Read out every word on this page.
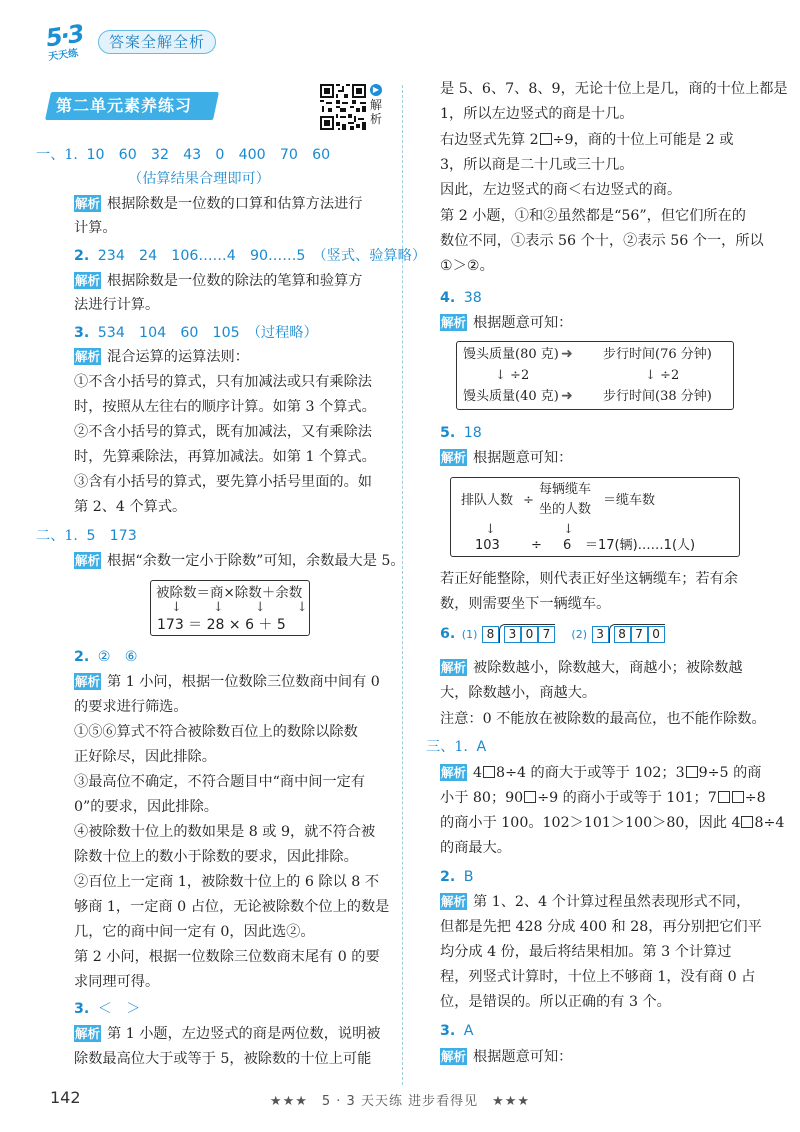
5·3
天天练
答案全解全析
第二单元素养练习
▶
解
析
一、1. 10　60　32　43　0　400　70　60
（估算结果合理即可）
解析 根据除数是一位数的口算和估算方法进行
计算。
2. 234　24　106……4　90……5　（竖式、验算略）
解析 根据除数是一位数的除法的笔算和验算方
法进行计算。
3. 534　104　60　105　（过程略）
解析 混合运算的运算法则：
①不含小括号的算式，只有加减法或只有乘除法
时，按照从左往右的顺序计算。如第 3 个算式。
②不含小括号的算式，既有加减法，又有乘除法
时，先算乘除法，再算加减法。如第 1 个算式。
③含有小括号的算式，要先算小括号里面的。如
第 2、4 个算式。
二、1. 5　173
解析 根据“余数一定小于除数”可知，余数最大是 5。
被除数＝商×除数＋余数
↓↓↓↓
173 ＝ 28 × 6 ＋ 5
2. ②　⑥
解析 第 1 小问，根据一位数除三位数商中间有 0
的要求进行筛选。
①⑤⑥算式不符合被除数百位上的数除以除数
正好除尽，因此排除。
③最高位不确定，不符合题目中“商中间一定有
0”的要求，因此排除。
④被除数十位上的数如果是 8 或 9，就不符合被
除数十位上的数小于除数的要求，因此排除。
②百位上一定商 1，被除数十位上的 6 除以 8 不
够商 1，一定商 0 占位，无论被除数个位上的数是
几，它的商中间一定有 0，因此选②。
第 2 小问，根据一位数除三位数商末尾有 0 的要
求同理可得。
3. ＜　＞
解析 第 1 小题，左边竖式的商是两位数，说明被
除数最高位大于或等于 5，被除数的十位上可能
是 5、6、7、8、9，无论十位上是几，商的十位上都是
1，所以左边竖式的商是十几。
右边竖式先算 2 ÷9，商的十位上可能是 2 或
3，所以商是二十几或三十几。
因此，左边竖式的商＜右边竖式的商。
第 2 小题，①和②虽然都是“56”，但它们所在的
数位不同，①表示 56 个十，②表示 56 个一，所以
①＞②。
4. 38
解析 根据题意可知：
馒头质量(80 克) ➜ 步行时间(76 分钟)
↓ ÷2	↓ ÷2
馒头质量(40 克) ➜ 步行时间(38 分钟)
5. 18
解析 根据题意可知：
排队人数 ÷
每辆缆车
坐的人数
＝缆车数
↓	↓
103 ÷ 6 ＝17(辆)……1(人)
若正好能整除，则代表正好坐这辆缆车；若有余
数，则需要坐下一辆缆车。
6. (1) 8 3 0 7 (2) 3 8 7 0
解析 被除数越小，除数越大，商越小；被除数越
大，除数越小，商越大。
注意：0 不能放在被除数的最高位，也不能作除数。
三、1. A
解析 4 8÷4 的商大于或等于 102；3 9÷5 的商
小于 80；90 ÷9 的商小于或等于 101；7 ÷8
的商小于 100。102＞101＞100＞80，因此 4 8÷4
的商最大。
2. B
解析 第 1、2、4 个计算过程虽然表现形式不同，
但都是先把 428 分成 400 和 28，再分别把它们平
均分成 4 份，最后将结果相加。第 3 个计算过
程，列竖式计算时，十位上不够商 1，没有商 0 占
位，是错误的。所以正确的有 3 个。
3. A
解析 根据题意可知：
142	★★★　5 · 3 天天练 进步看得见　★★★
